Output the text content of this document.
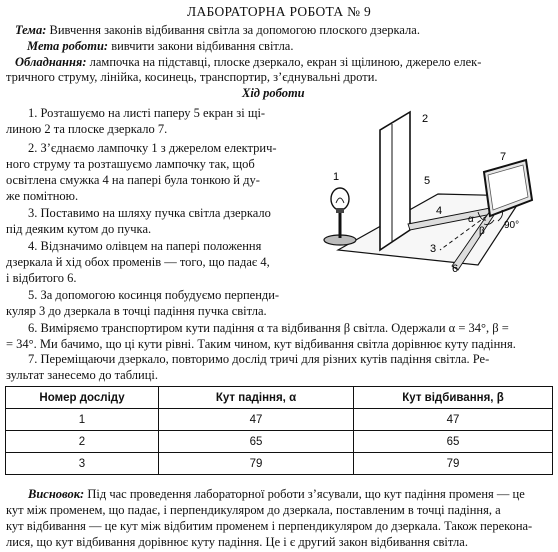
ЛАБОРАТОРНА РОБОТА № 9
Тема: Вивчення законів відбивання світла за допомогою плоского дзеркала.
Мета роботи: вивчити закони відбивання світла.
Обладнання: лампочка на підставці, плоске дзеркало, екран зі щілиною, джерело елек-
тричного струму, лінійка, косинець, транспортир, з’єднувальні дроти.
Хід роботи
1. Розташуємо на листі паперу 5 екран зі щі-
линою 2 та плоске дзеркало 7.
2. З’єднаємо лампочку 1 з джерелом електрич-
ного струму та розташуємо лампочку так, щоб
освітлена смужка 4 на папері була тонкою й ду-
же помітною.
3. Поставимо на шляху пучка світла дзеркало
під деяким кутом до пучка.
4. Відзначимо олівцем на папері положення
дзеркала й хід обох променів — того, що падає 4,
і відбитого 6.
5. За допомогою косинця побудуємо перпенди-
куляр 3 до дзеркала в точці падіння пучка світла.
6. Виміряємо транспортиром кути падіння α та відбивання β світла. Одержали α = 34°, β =
= 34°. Ми бачимо, що ці кути рівні. Таким чином, кут відбивання світла дорівнює куту падіння.
1
2
3
4
5
6
7
α
β
90°
7. Переміщаючи дзеркало, повторимо дослід тричі для різних кутів падіння світла. Ре-
зультат занесемо до таблиці.
Номер досліду	Кут падіння, α	Кут відбивання, β
1	47	47
2	65	65
3	79	79
Висновок: Під час проведення лабораторної роботи з’ясували, що кут падіння променя — це
кут між променем, що падає, і перпендикуляром до дзеркала, поставленим в точці падіння, а
кут відбивання — це кут між відбитим променем і перпендикуляром до дзеркала. Також перекона-
лися, що кут відбивання дорівнює куту падіння. Це і є другий закон відбивання світла.
